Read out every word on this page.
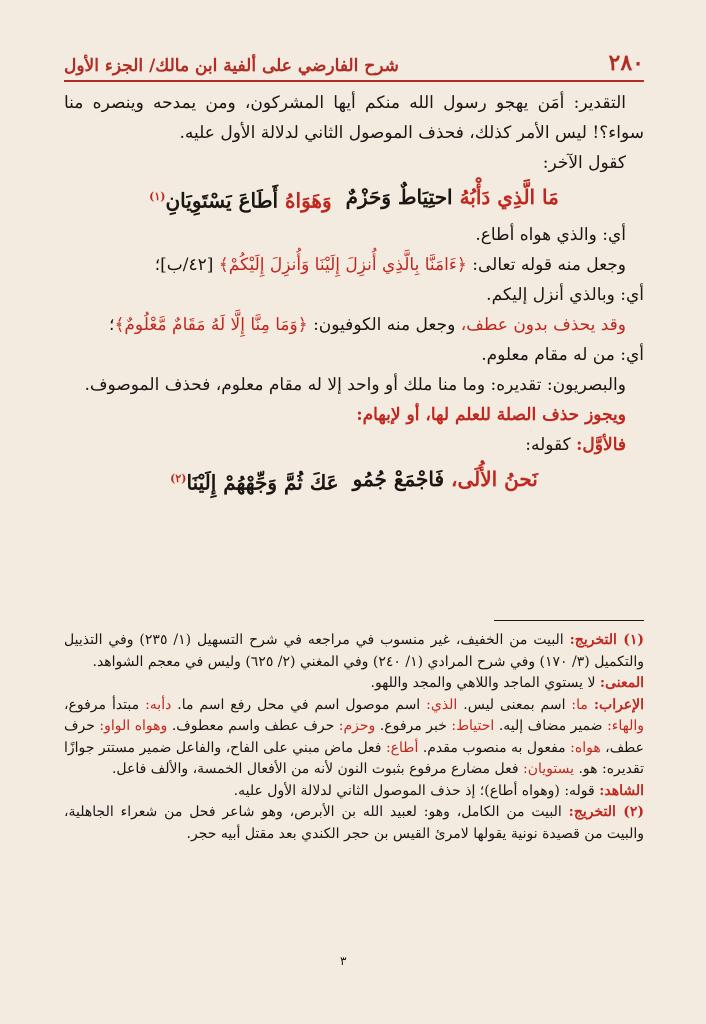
٢٨٠
شرح الفارضي على ألفية ابن مالك/ الجزء الأول

التقدير: أمَن يهجو رسول الله منكم أيها المشركون، ومن يمدحه وينصره منا سواء؟! ليس الأمر كذلك، فحذف الموصول الثاني لدلالة الأول عليه.

كقول الآخر:

مَا الَّذِي دَأْبُهُ احتِيَاطٌ وَحَزْمٌ
وَهَوَاهُ أَطَاعَ يَسْتَوِيَانِ$^{(١)}$

أي: والذي هواه أطاع.

وجعل منه قوله تعالى: ﴿ءَامَنَّا بِالَّذِي أُنزِلَ إِلَيْنَا وَأُنزِلَ إِلَيْكُمْ﴾ [٤٢/ب]؛

أي: وبالذي أنزل إليكم.

وقد يحذف بدون عطف، وجعل منه الكوفيون: ﴿وَمَا مِنَّا إِلَّا لَهُ مَقَامٌ مَّعْلُومٌ﴾؛

أي: من له مقام معلوم.

والبصريون: تقديره: وما منا ملك أو واحد إلا له مقام معلوم، فحذف الموصوف.

ويجوز حذف الصلة للعلم لها، أو لإبهام:

فالأوَّل: كقوله:

نَحنُ الأُلَى، فَاجْمَعْ جُمُو
عَكَ ثُمَّ وَجِّهْهُمْ إِلَيْنَا$^{(٢)}$

(١) التخريج: البيت من الخفيف، غير منسوب في مراجعه في شرح التسهيل (١/ ٢٣٥) وفي التذييل والتكميل (٣/ ١٧٠) وفي شرح المرادي (١/ ٢٤٠) وفي المغني (٢/ ٦٢٥) وليس في معجم الشواهد.

المعنى: لا يستوي الماجد واللاهي والمجد واللهو.

الإعراب: ما: اسم بمعنى ليس. الذي: اسم موصول اسم في محل رفع اسم ما. دأبه: مبتدأ مرفوع، والهاء: ضمير مضاف إليه. احتياط: خبر مرفوع. وحزم: حرف عطف واسم معطوف. وهواه الواو: حرف عطف، هواه: مفعول به منصوب مقدم. أطاع: فعل ماض مبني على الفاح، والفاعل ضمير مستتر جوازًا تقديره: هو. يستويان: فعل مضارع مرفوع بثبوت النون لأنه من الأفعال الخمسة، والألف فاعل.

الشاهد: قوله: (وهواه أطاع)؛ إذ حذف الموصول الثاني لدلالة الأول عليه.

(٢) التخريج: البيت من الكامل، وهو: لعبيد الله بن الأبرص، وهو شاعر فحل من شعراء الجاهلية، والبيت من قصيدة نونية يقولها لامرئ القيس بن حجر الكندي بعد مقتل أبيه حجر.

٣
